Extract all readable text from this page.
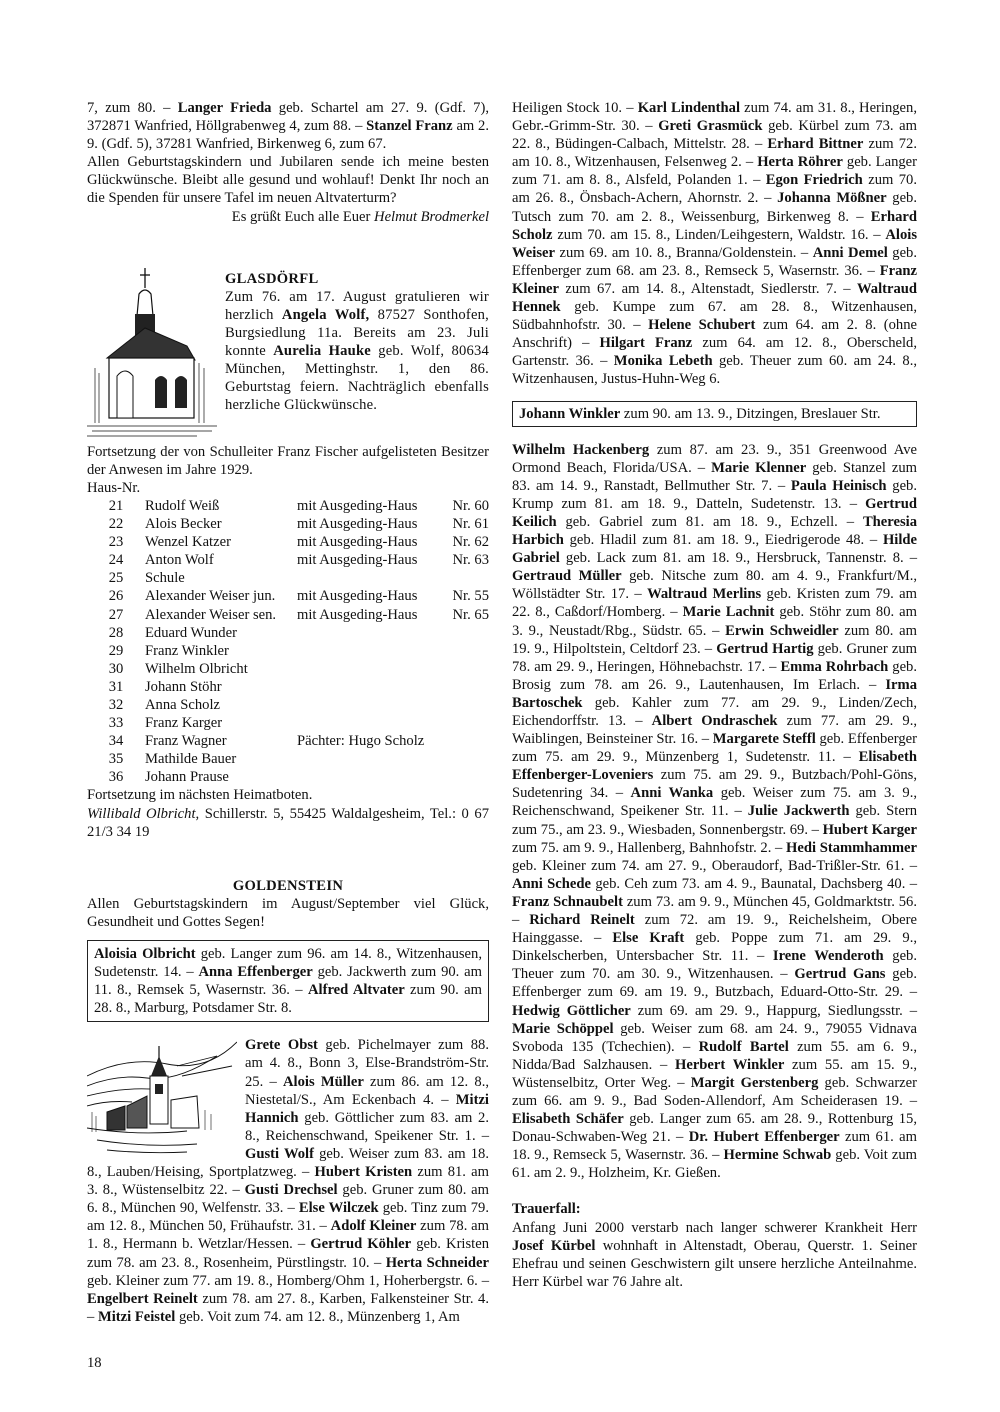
7, zum 80. – Langer Frieda geb. Schartel am 27. 9. (Gdf. 7), 372871 Wanfried, Höllgrabenweg 4, zum 88. – Stanzel Franz am 2. 9. (Gdf. 5), 37281 Wanfried, Birkenweg 6, zum 67.

Allen Geburtstagskindern und Jubilaren sende ich meine besten Glückwünsche. Bleibt alle gesund und wohlauf! Denkt Ihr noch an die Spenden für unsere Tafel im neuen Altvaterturm?

Es grüßt Euch alle Euer Helmut Brodmerkel

GLASDÖRFL

Zum 76. am 17. August gratulieren wir herzlich Angela Wolf, 87527 Sonthofen, Burgsiedlung 11a. Bereits am 23. Juli konnte Aurelia Hauke geb. Wolf, 80634 München, Mettinghstr. 1, den 86. Geburtstag feiern. Nachträglich ebenfalls herzliche Glückwünsche.

Fortsetzung der von Schulleiter Franz Fischer aufgelisteten Besitzer der Anwesen im Jahre 1929.

Haus-Nr.

21	Rudolf Weiß	mit Ausgeding-Haus	Nr. 60
22	Alois Becker	mit Ausgeding-Haus	Nr. 61
23	Wenzel Katzer	mit Ausgeding-Haus	Nr. 62
24	Anton Wolf	mit Ausgeding-Haus	Nr. 63
25	Schule		
26	Alexander Weiser jun.	mit Ausgeding-Haus	Nr. 55
27	Alexander Weiser sen.	mit Ausgeding-Haus	Nr. 65
28	Eduard Wunder		
29	Franz Winkler		
30	Wilhelm Olbricht		
31	Johann Stöhr		
32	Anna Scholz		
33	Franz Karger		
34	Franz Wagner	Pächter: Hugo Scholz	
35	Mathilde Bauer		
36	Johann Prause		

Fortsetzung im nächsten Heimatboten.

Willibald Olbricht, Schillerstr. 5, 55425 Waldalgesheim, Tel.: 0 67 21/3 34 19

GOLDENSTEIN

Allen Geburtstagskindern im August/September viel Glück, Gesundheit und Gottes Segen!

Aloisia Olbricht geb. Langer zum 96. am 14. 8., Witzenhausen, Sudetenstr. 14. – Anna Effenberger geb. Jackwerth zum 90. am 11. 8., Remsek 5, Wasernstr. 36. – Alfred Altvater zum 90. am 28. 8., Marburg, Potsdamer Str. 8.

Grete Obst geb. Pichelmayer zum 88. am 4. 8., Bonn 3, Else-Brandström-Str. 25. – Alois Müller zum 86. am 12. 8., Niestetal/S., Am Eckenbach 4. – Mitzi Hannich geb. Göttlicher zum 83. am 2. 8., Reichenschwand, Speikener Str. 1. – Gusti Wolf geb. Weiser zum 83. am 18. 8., Lauben/Heising, Sportplatzweg. – Hubert Kristen zum 81. am 3. 8., Wüstenselbitz 22. – Gusti Drechsel geb. Gruner zum 80. am 6. 8., München 90, Welfenstr. 33. – Else Wilczek geb. Tinz zum 79. am 12. 8., München 50, Frühaufstr. 31. – Adolf Kleiner zum 78. am 1. 8., Hermann b. Wetzlar/Hessen. – Gertrud Köhler geb. Kristen zum 78. am 23. 8., Rosenheim, Pürstlingstr. 10. – Herta Schneider geb. Kleiner zum 77. am 19. 8., Homberg/Ohm 1, Hoherbergstr. 6. – Engelbert Reinelt zum 78. am 27. 8., Karben, Falkensteiner Str. 4. – Mitzi Feistel geb. Voit zum 74. am 12. 8., Münzenberg 1, Am

Heiligen Stock 10. – Karl Lindenthal zum 74. am 31. 8., Heringen, Gebr.-Grimm-Str. 30. – Greti Grasmück geb. Kürbel zum 73. am 22. 8., Büdingen-Calbach, Mittelstr. 28. – Erhard Bittner zum 72. am 10. 8., Witzenhausen, Felsenweg 2. – Herta Röhrer geb. Langer zum 71. am 8. 8., Alsfeld, Polanden 1. – Egon Friedrich zum 70. am 26. 8., Önsbach-Achern, Ahornstr. 2. – Johanna Mößner geb. Tutsch zum 70. am 2. 8., Weissenburg, Birkenweg 8. – Erhard Scholz zum 70. am 15. 8., Linden/Leihgestern, Waldstr. 16. – Alois Weiser zum 69. am 10. 8., Branna/Goldenstein. – Anni Demel geb. Effenberger zum 68. am 23. 8., Remseck 5, Wasernstr. 36. – Franz Kleiner zum 67. am 14. 8., Altenstadt, Siedlerstr. 7. – Waltraud Hennek geb. Kumpe zum 67. am 28. 8., Witzenhausen, Südbahnhofstr. 30. – Helene Schubert zum 64. am 2. 8. (ohne Anschrift) – Hilgart Franz zum 64. am 12. 8., Oberscheld, Gartenstr. 36. – Monika Lebeth geb. Theuer zum 60. am 24. 8., Witzenhausen, Justus-Huhn-Weg 6.

Johann Winkler zum 90. am 13. 9., Ditzingen, Breslauer Str.

Wilhelm Hackenberg zum 87. am 23. 9., 351 Greenwood Ave Ormond Beach, Florida/USA. – Marie Klenner geb. Stanzel zum 83. am 14. 9., Ranstadt, Bellmuther Str. 7. – Paula Heinisch geb. Krump zum 81. am 18. 9., Datteln, Sudetenstr. 13. – Gertrud Keilich geb. Gabriel zum 81. am 18. 9., Echzell. – Theresia Harbich geb. Hladil zum 81. am 18. 9., Eiedrigerode 48. – Hilde Gabriel geb. Lack zum 81. am 18. 9., Hersbruck, Tannenstr. 8. – Gertraud Müller geb. Nitsche zum 80. am 4. 9., Frankfurt/M., Wöllstädter Str. 17. – Waltraud Merlins geb. Kristen zum 79. am 22. 8., Caßdorf/Homberg. – Marie Lachnit geb. Stöhr zum 80. am 3. 9., Neustadt/Rbg., Südstr. 65. – Erwin Schweidler zum 80. am 19. 9., Hilpoltstein, Celtdorf 23. – Gertrud Hartig geb. Gruner zum 78. am 29. 9., Heringen, Höhnebachstr. 17. – Emma Rohrbach geb. Brosig zum 78. am 26. 9., Lautenhausen, Im Erlach. – Irma Bartoschek geb. Kahler zum 77. am 29. 9., Linden/Zech, Eichendorffstr. 13. – Albert Ondraschek zum 77. am 29. 9., Waiblingen, Beinsteiner Str. 16. – Margarete Steffl geb. Effenberger zum 75. am 29. 9., Münzenberg 1, Sudetenstr. 11. – Elisabeth Effenberger-Loveniers zum 75. am 29. 9., Butzbach/Pohl-Göns, Sudetenring 34. – Anni Wanka geb. Weiser zum 75. am 3. 9., Reichenschwand, Speikener Str. 11. – Julie Jackwerth geb. Stern zum 75., am 23. 9., Wiesbaden, Sonnenbergstr. 69. – Hubert Karger zum 75. am 9. 9., Hallenberg, Bahnhofstr. 2. – Hedi Stammhammer geb. Kleiner zum 74. am 27. 9., Oberaudorf, Bad-Trißler-Str. 61. – Anni Schede geb. Ceh zum 73. am 4. 9., Baunatal, Dachsberg 40. – Franz Schnaubelt zum 73. am 9. 9., München 45, Goldmarktstr. 56. – Richard Reinelt zum 72. am 19. 9., Reichelsheim, Obere Hainggasse. – Else Kraft geb. Poppe zum 71. am 29. 9., Dinkelscherben, Untersbacher Str. 11. – Irene Wenderoth geb. Theuer zum 70. am 30. 9., Witzenhausen. – Gertrud Gans geb. Effenberger zum 69. am 19. 9., Butzbach, Eduard-Otto-Str. 29. – Hedwig Göttlicher zum 69. am 29. 9., Happurg, Siedlungsstr. – Marie Schöppel geb. Weiser zum 68. am 24. 9., 79055 Vidnava Svoboda 135 (Tchechien). – Rudolf Bartel zum 55. am 6. 9., Nidda/Bad Salzhausen. – Herbert Winkler zum 55. am 15. 9., Wüstenselbitz, Orter Weg. – Margit Gerstenberg geb. Schwarzer zum 66. am 9. 9., Bad Soden-Allendorf, Am Scheiderasen 19. – Elisabeth Schäfer geb. Langer zum 65. am 28. 9., Rottenburg 15, Donau-Schwaben-Weg 21. – Dr. Hubert Effenberger zum 61. am 18. 9., Remseck 5, Wasernstr. 36. – Hermine Schwab geb. Voit zum 61. am 2. 9., Holzheim, Kr. Gießen.

Trauerfall:

Anfang Juni 2000 verstarb nach langer schwerer Krankheit Herr Josef Kürbel wohnhaft in Altenstadt, Oberau, Querstr. 1. Seiner Ehefrau und seinen Geschwistern gilt unsere herzliche Anteilnahme. Herr Kürbel war 76 Jahre alt.

18
